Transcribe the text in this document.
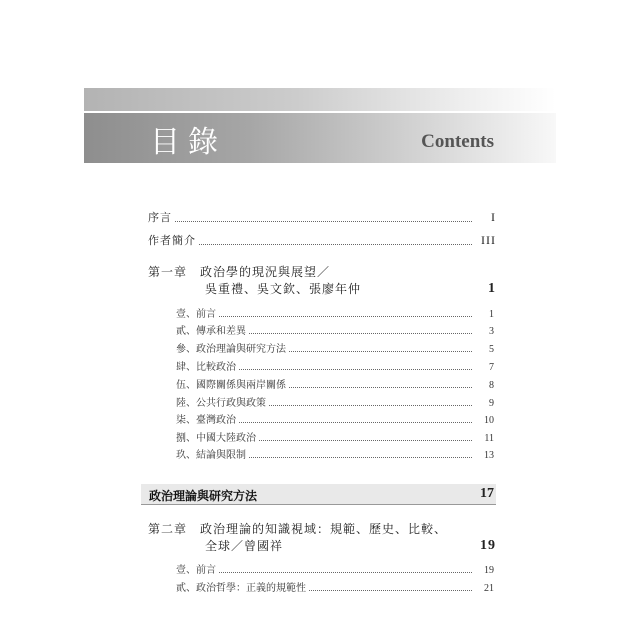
目錄	Contents
序言	I
作者簡介	III
第一章　政治學的現況與展望／
吳重禮、吳文欽、張廖年仲	1
壹、前言	1
貳、傳承和差異	3
參、政治理論與研究方法	5
肆、比較政治	7
伍、國際關係與兩岸關係	8
陸、公共行政與政策	9
柒、臺灣政治	10
捌、中國大陸政治	11
玖、結論與限制	13
政治理論與研究方法	17
第二章　政治理論的知識視域：規範、歷史、比較、
全球／曾國祥	19
壹、前言	19
貳、政治哲學：正義的規範性	21
